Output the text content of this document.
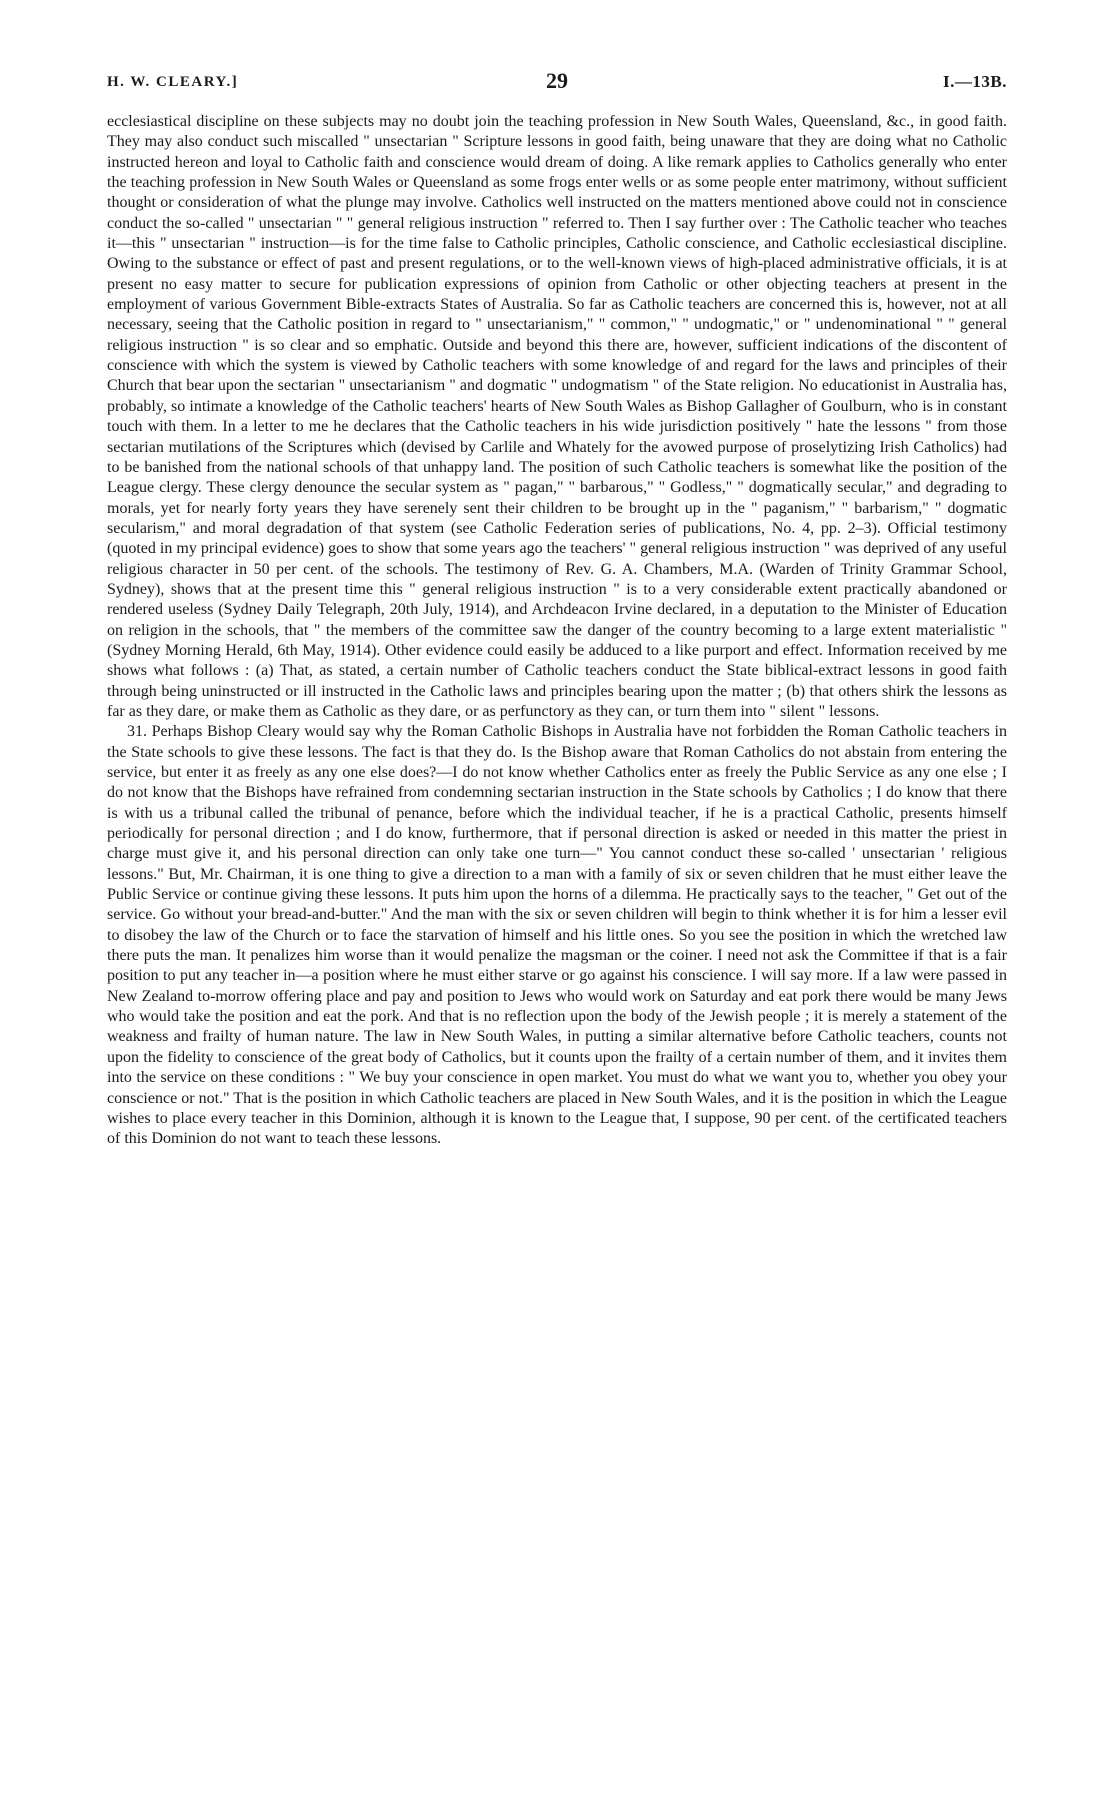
H. W. CLEARY.]	29	I.—13B.

ecclesiastical discipline on these subjects may no doubt join the teaching profession in New South Wales, Queensland, &c., in good faith. They may also conduct such miscalled " unsectarian " Scripture lessons in good faith, being unaware that they are doing what no Catholic instructed hereon and loyal to Catholic faith and conscience would dream of doing. A like remark applies to Catholics generally who enter the teaching profession in New South Wales or Queensland as some frogs enter wells or as some people enter matrimony, without sufficient thought or consideration of what the plunge may involve. Catholics well instructed on the matters mentioned above could not in conscience conduct the so-called " unsectarian " " general religious instruction " referred to. Then I say further over : The Catholic teacher who teaches it—this " unsectarian " instruction—is for the time false to Catholic principles, Catholic conscience, and Catholic ecclesiastical discipline. Owing to the substance or effect of past and present regulations, or to the well-known views of high-placed administrative officials, it is at present no easy matter to secure for publication expressions of opinion from Catholic or other objecting teachers at present in the employment of various Government Bible-extracts States of Australia. So far as Catholic teachers are concerned this is, however, not at all necessary, seeing that the Catholic position in regard to " unsectarianism," " common," " undogmatic," or " undenominational " " general religious instruction " is so clear and so emphatic. Outside and beyond this there are, however, sufficient indications of the discontent of conscience with which the system is viewed by Catholic teachers with some knowledge of and regard for the laws and principles of their Church that bear upon the sectarian " unsectarianism " and dogmatic " undogmatism " of the State religion. No educationist in Australia has, probably, so intimate a knowledge of the Catholic teachers' hearts of New South Wales as Bishop Gallagher of Goulburn, who is in constant touch with them. In a letter to me he declares that the Catholic teachers in his wide jurisdiction positively " hate the lessons " from those sectarian mutilations of the Scriptures which (devised by Carlile and Whately for the avowed purpose of proselytizing Irish Catholics) had to be banished from the national schools of that unhappy land. The position of such Catholic teachers is somewhat like the position of the League clergy. These clergy denounce the secular system as " pagan," " barbarous," " Godless," " dogmatically secular," and degrading to morals, yet for nearly forty years they have serenely sent their children to be brought up in the " paganism," " barbarism," " dogmatic secularism," and moral degradation of that system (see Catholic Federation series of publications, No. 4, pp. 2–3). Official testimony (quoted in my principal evidence) goes to show that some years ago the teachers' " general religious instruction " was deprived of any useful religious character in 50 per cent. of the schools. The testimony of Rev. G. A. Chambers, M.A. (Warden of Trinity Grammar School, Sydney), shows that at the present time this " general religious instruction " is to a very considerable extent practically abandoned or rendered useless (Sydney Daily Telegraph, 20th July, 1914), and Archdeacon Irvine declared, in a deputation to the Minister of Education on religion in the schools, that " the members of the committee saw the danger of the country becoming to a large extent materialistic " (Sydney Morning Herald, 6th May, 1914). Other evidence could easily be adduced to a like purport and effect. Information received by me shows what follows : (a) That, as stated, a certain number of Catholic teachers conduct the State biblical-extract lessons in good faith through being uninstructed or ill instructed in the Catholic laws and principles bearing upon the matter ; (b) that others shirk the lessons as far as they dare, or make them as Catholic as they dare, or as perfunctory as they can, or turn them into " silent " lessons.

31. Perhaps Bishop Cleary would say why the Roman Catholic Bishops in Australia have not forbidden the Roman Catholic teachers in the State schools to give these lessons. The fact is that they do. Is the Bishop aware that Roman Catholics do not abstain from entering the service, but enter it as freely as any one else does?—I do not know whether Catholics enter as freely the Public Service as any one else ; I do not know that the Bishops have refrained from condemning sectarian instruction in the State schools by Catholics ; I do know that there is with us a tribunal called the tribunal of penance, before which the individual teacher, if he is a practical Catholic, presents himself periodically for personal direction ; and I do know, furthermore, that if personal direction is asked or needed in this matter the priest in charge must give it, and his personal direction can only take one turn—" You cannot conduct these so-called ' unsectarian ' religious lessons." But, Mr. Chairman, it is one thing to give a direction to a man with a family of six or seven children that he must either leave the Public Service or continue giving these lessons. It puts him upon the horns of a dilemma. He practically says to the teacher, " Get out of the service. Go without your bread-and-butter." And the man with the six or seven children will begin to think whether it is for him a lesser evil to disobey the law of the Church or to face the starvation of himself and his little ones. So you see the position in which the wretched law there puts the man. It penalizes him worse than it would penalize the magsman or the coiner. I need not ask the Committee if that is a fair position to put any teacher in—a position where he must either starve or go against his conscience. I will say more. If a law were passed in New Zealand to-morrow offering place and pay and position to Jews who would work on Saturday and eat pork there would be many Jews who would take the position and eat the pork. And that is no reflection upon the body of the Jewish people ; it is merely a statement of the weakness and frailty of human nature. The law in New South Wales, in putting a similar alternative before Catholic teachers, counts not upon the fidelity to conscience of the great body of Catholics, but it counts upon the frailty of a certain number of them, and it invites them into the service on these conditions : " We buy your conscience in open market. You must do what we want you to, whether you obey your conscience or not." That is the position in which Catholic teachers are placed in New South Wales, and it is the position in which the League wishes to place every teacher in this Dominion, although it is known to the League that, I suppose, 90 per cent. of the certificated teachers of this Dominion do not want to teach these lessons.
